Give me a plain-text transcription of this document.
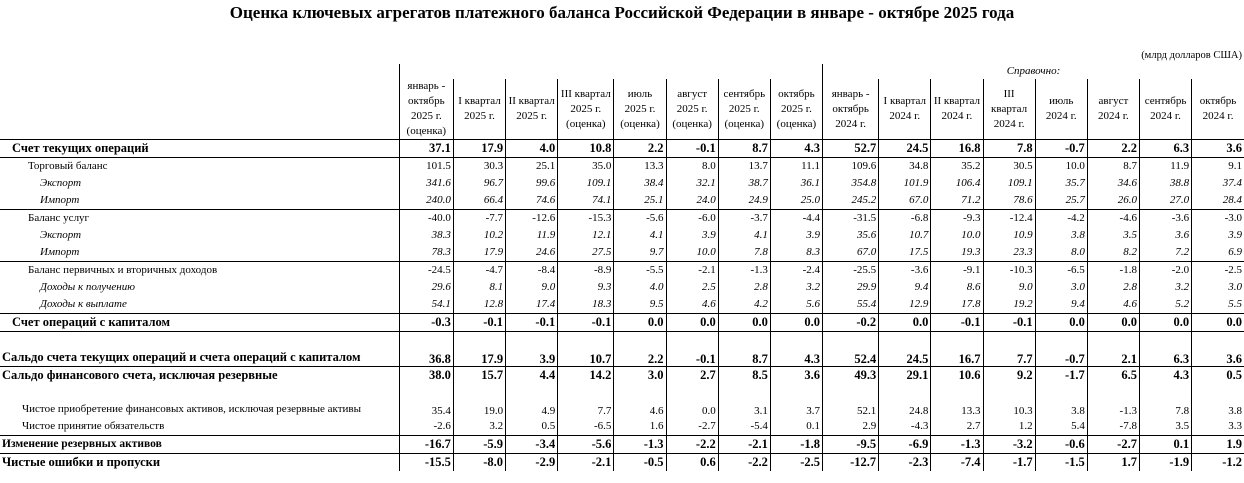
Оценка ключевых агрегатов платежного баланса Российской Федерации в январе - октябре 2025 года
(млрд долларов США)
									Справочно:							
	январь - октябрь 2025 г. (оценка)	I квартал 2025 г.	II квартал 2025 г.	III квартал 2025 г. (оценка)	июль 2025 г. (оценка)	август 2025 г. (оценка)	сентябрь 2025 г. (оценка)	октябрь 2025 г. (оценка)	январь - октябрь 2024 г.	I квартал 2024 г.	II квартал 2024 г.	III квартал 2024 г.	июль 2024 г.	август 2024 г.	сентябрь 2024 г.	октябрь 2024 г.
Счет текущих операций	37.1	17.9	4.0	10.8	2.2	-0.1	8.7	4.3	52.7	24.5	16.8	7.8	-0.7	2.2	6.3	3.6
Торговый баланс	101.5	30.3	25.1	35.0	13.3	8.0	13.7	11.1	109.6	34.8	35.2	30.5	10.0	8.7	11.9	9.1
Экспорт	341.6	96.7	99.6	109.1	38.4	32.1	38.7	36.1	354.8	101.9	106.4	109.1	35.7	34.6	38.8	37.4
Импорт	240.0	66.4	74.6	74.1	25.1	24.0	24.9	25.0	245.2	67.0	71.2	78.6	25.7	26.0	27.0	28.4
Баланс услуг	-40.0	-7.7	-12.6	-15.3	-5.6	-6.0	-3.7	-4.4	-31.5	-6.8	-9.3	-12.4	-4.2	-4.6	-3.6	-3.0
Экспорт	38.3	10.2	11.9	12.1	4.1	3.9	4.1	3.9	35.6	10.7	10.0	10.9	3.8	3.5	3.6	3.9
Импорт	78.3	17.9	24.6	27.5	9.7	10.0	7.8	8.3	67.0	17.5	19.3	23.3	8.0	8.2	7.2	6.9
Баланс первичных и вторичных доходов	-24.5	-4.7	-8.4	-8.9	-5.5	-2.1	-1.3	-2.4	-25.5	-3.6	-9.1	-10.3	-6.5	-1.8	-2.0	-2.5
Доходы к получению	29.6	8.1	9.0	9.3	4.0	2.5	2.8	3.2	29.9	9.4	8.6	9.0	3.0	2.8	3.2	3.0
Доходы к выплате	54.1	12.8	17.4	18.3	9.5	4.6	4.2	5.6	55.4	12.9	17.8	19.2	9.4	4.6	5.2	5.5
Счет операций с капиталом	-0.3	-0.1	-0.1	-0.1	0.0	0.0	0.0	0.0	-0.2	0.0	-0.1	-0.1	0.0	0.0	0.0	0.0
Сальдо счета текущих операций и счета операций с капиталом	36.8	17.9	3.9	10.7	2.2	-0.1	8.7	4.3	52.4	24.5	16.7	7.7	-0.7	2.1	6.3	3.6
Сальдо финансового счета, исключая резервные	38.0	15.7	4.4	14.2	3.0	2.7	8.5	3.6	49.3	29.1	10.6	9.2	-1.7	6.5	4.3	0.5
Чистое приобретение финансовых активов, исключая резервные активы	35.4	19.0	4.9	7.7	4.6	0.0	3.1	3.7	52.1	24.8	13.3	10.3	3.8	-1.3	7.8	3.8
Чистое принятие обязательств	-2.6	3.2	0.5	-6.5	1.6	-2.7	-5.4	0.1	2.9	-4.3	2.7	1.2	5.4	-7.8	3.5	3.3
Изменение резервных активов	-16.7	-5.9	-3.4	-5.6	-1.3	-2.2	-2.1	-1.8	-9.5	-6.9	-1.3	-3.2	-0.6	-2.7	0.1	1.9
Чистые ошибки и пропуски	-15.5	-8.0	-2.9	-2.1	-0.5	0.6	-2.2	-2.5	-12.7	-2.3	-7.4	-1.7	-1.5	1.7	-1.9	-1.2
